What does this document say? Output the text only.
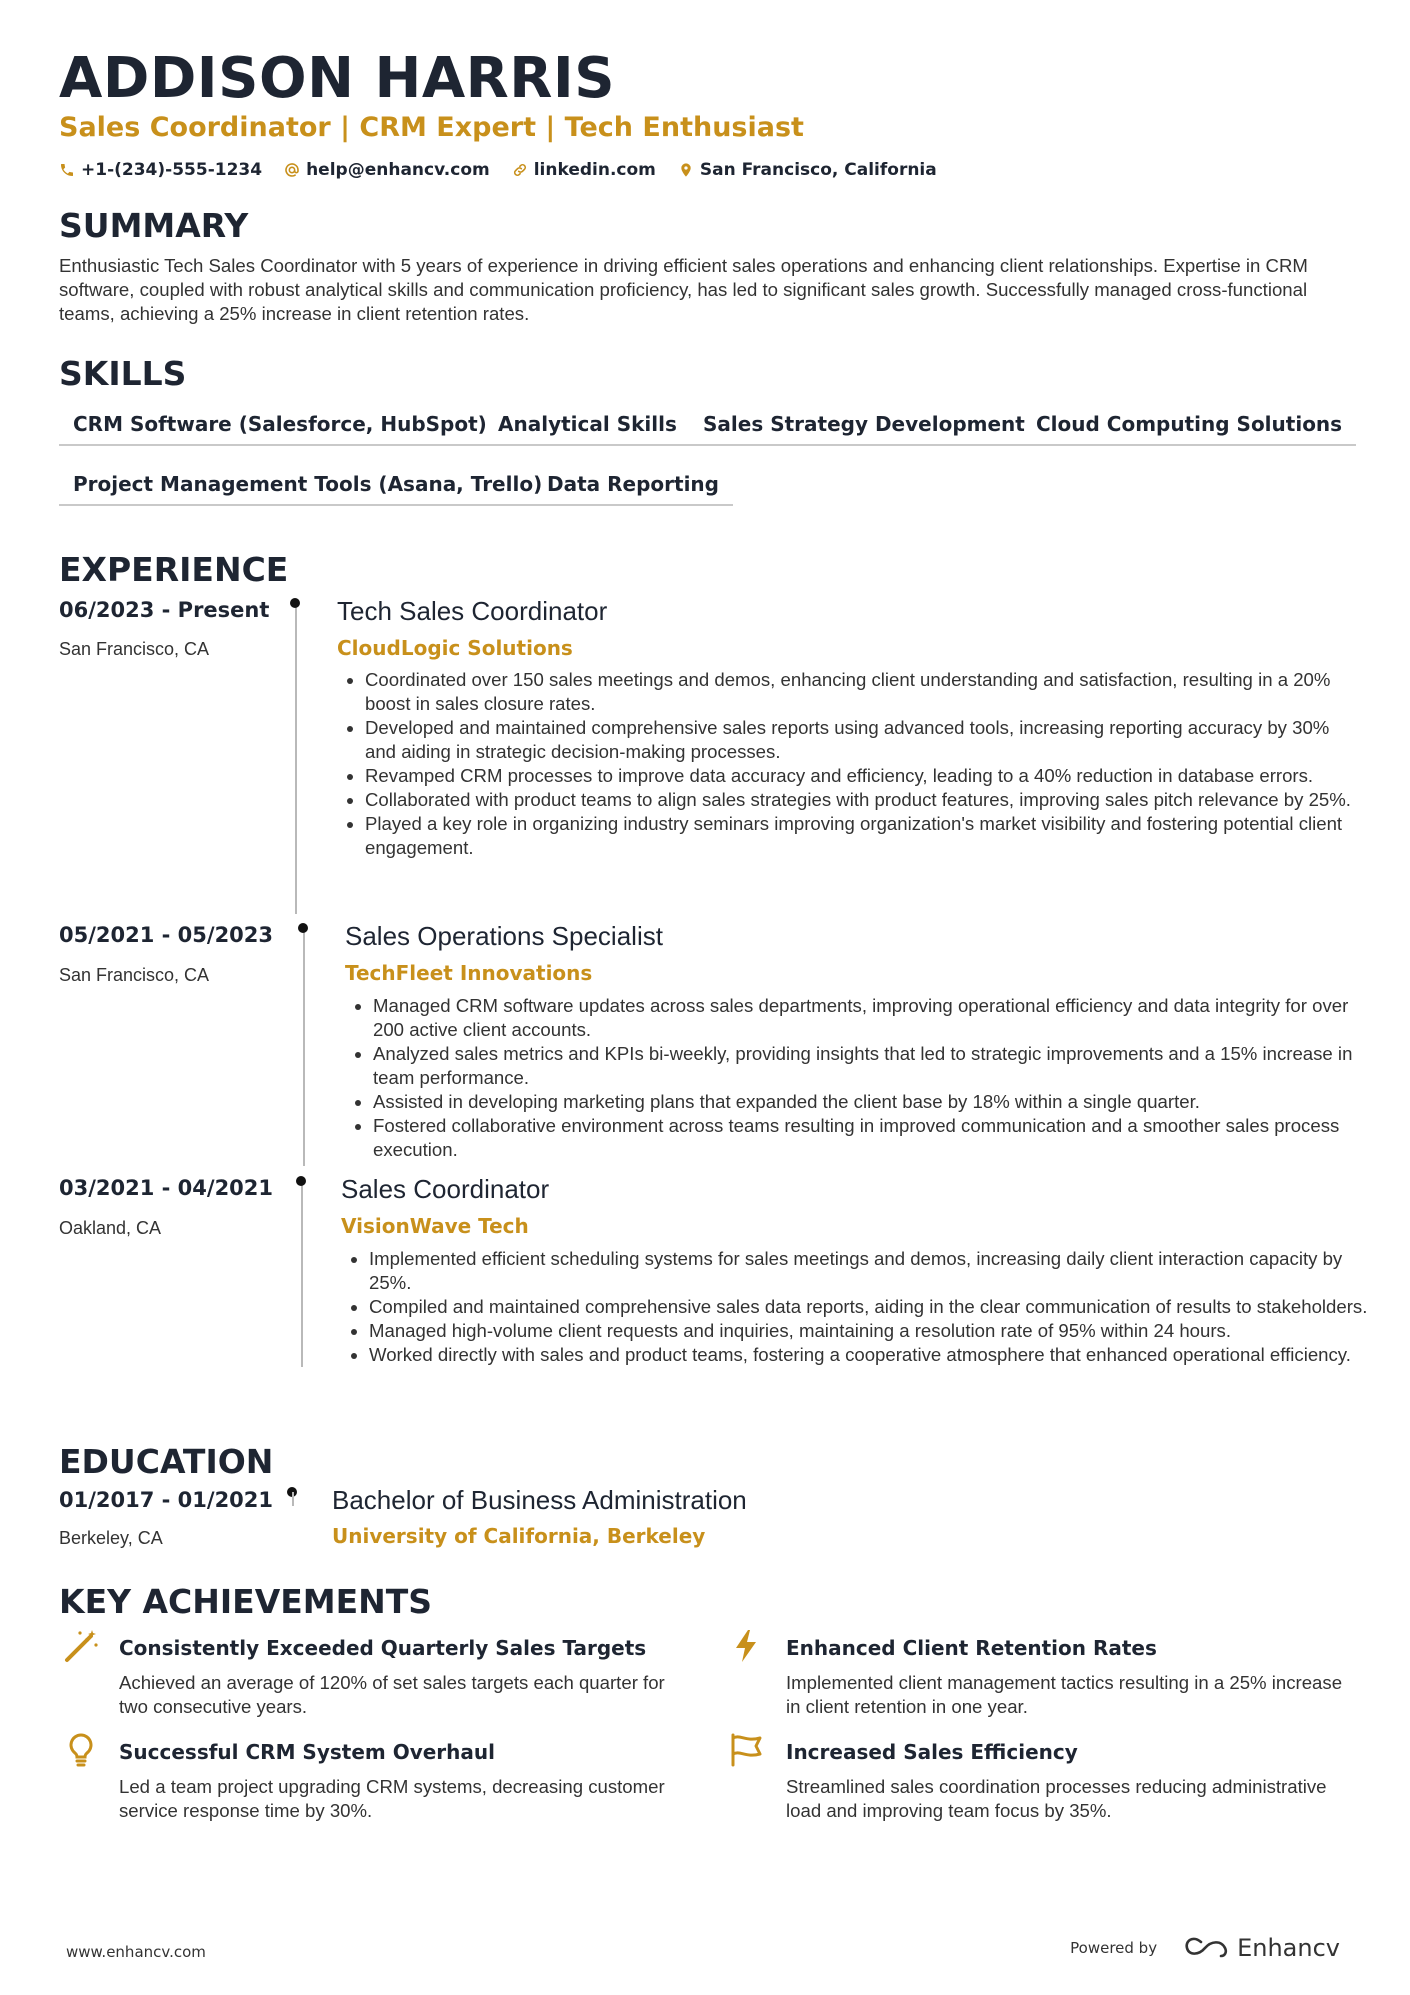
ADDISON HARRIS
Sales Coordinator | CRM Expert | Tech Enthusiast
+1-(234)-555-1234	help@enhancv.com	linkedin.com	San Francisco, California
SUMMARY
Enthusiastic Tech Sales Coordinator with 5 years of experience in driving efficient sales operations and enhancing client relationships. Expertise in CRM software, coupled with robust analytical skills and communication proficiency, has led to significant sales growth. Successfully managed cross-functional teams, achieving a 25% increase in client retention rates.
SKILLS
CRM Software (Salesforce, HubSpot) Analytical Skills	Sales Strategy Development Cloud Computing Solutions
Project Management Tools (Asana, Trello) Data Reporting
EXPERIENCE
06/2023 - Present
San Francisco, CA
Tech Sales Coordinator
CloudLogic Solutions
• Coordinated over 150 sales meetings and demos, enhancing client understanding and satisfaction, resulting in a 20% boost in sales closure rates.
• Developed and maintained comprehensive sales reports using advanced tools, increasing reporting accuracy by 30% and aiding in strategic decision-making processes.
• Revamped CRM processes to improve data accuracy and efficiency, leading to a 40% reduction in database errors.
• Collaborated with product teams to align sales strategies with product features, improving sales pitch relevance by 25%.
• Played a key role in organizing industry seminars improving organization's market visibility and fostering potential client engagement.
05/2021 - 05/2023
San Francisco, CA
Sales Operations Specialist
TechFleet Innovations
• Managed CRM software updates across sales departments, improving operational efficiency and data integrity for over 200 active client accounts.
• Analyzed sales metrics and KPIs bi-weekly, providing insights that led to strategic improvements and a 15% increase in team performance.
• Assisted in developing marketing plans that expanded the client base by 18% within a single quarter.
• Fostered collaborative environment across teams resulting in improved communication and a smoother sales process execution.
03/2021 - 04/2021
Oakland, CA
Sales Coordinator
VisionWave Tech
• Implemented efficient scheduling systems for sales meetings and demos, increasing daily client interaction capacity by 25%.
• Compiled and maintained comprehensive sales data reports, aiding in the clear communication of results to stakeholders.
• Managed high-volume client requests and inquiries, maintaining a resolution rate of 95% within 24 hours.
• Worked directly with sales and product teams, fostering a cooperative atmosphere that enhanced operational efficiency.
EDUCATION
01/2017 - 01/2021
Berkeley, CA
Bachelor of Business Administration
University of California, Berkeley
KEY ACHIEVEMENTS
Consistently Exceeded Quarterly Sales Targets
Achieved an average of 120% of set sales targets each quarter for two consecutive years.
Enhanced Client Retention Rates
Implemented client management tactics resulting in a 25% increase in client retention in one year.
Successful CRM System Overhaul
Led a team project upgrading CRM systems, decreasing customer service response time by 30%.
Increased Sales Efficiency
Streamlined sales coordination processes reducing administrative load and improving team focus by 35%.
www.enhancv.com	Powered by	Enhancv
